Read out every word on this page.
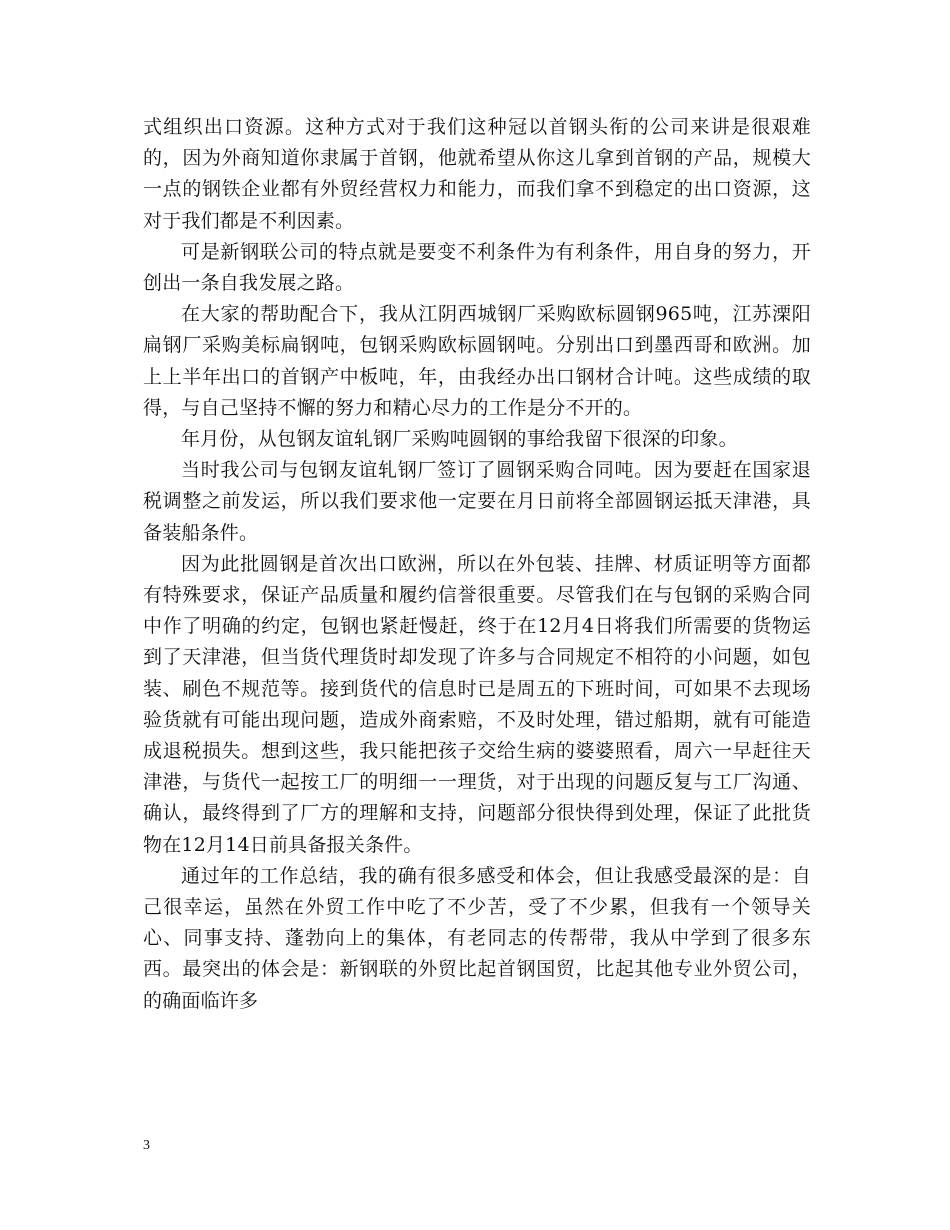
式组织出口资源。这种方式对于我们这种冠以首钢头衔的公司来讲是很艰难的，因为外商知道你隶属于首钢，他就希望从你这儿拿到首钢的产品，规模大一点的钢铁企业都有外贸经营权力和能力，而我们拿不到稳定的出口资源，这对于我们都是不利因素。

可是新钢联公司的特点就是要变不利条件为有利条件，用自身的努力，开创出一条自我发展之路。

在大家的帮助配合下，我从江阴西城钢厂采购欧标圆钢965吨，江苏溧阳扁钢厂采购美标扁钢吨，包钢采购欧标圆钢吨。分别出口到墨西哥和欧洲。加上上半年出口的首钢产中板吨，年，由我经办出口钢材合计吨。这些成绩的取得，与自己坚持不懈的努力和精心尽力的工作是分不开的。

年月份，从包钢友谊轧钢厂采购吨圆钢的事给我留下很深的印象。

当时我公司与包钢友谊轧钢厂签订了圆钢采购合同吨。因为要赶在国家退税调整之前发运，所以我们要求他一定要在月日前将全部圆钢运抵天津港，具备装船条件。

因为此批圆钢是首次出口欧洲，所以在外包装、挂牌、材质证明等方面都有特殊要求，保证产品质量和履约信誉很重要。尽管我们在与包钢的采购合同中作了明确的约定，包钢也紧赶慢赶，终于在12月4日将我们所需要的货物运到了天津港，但当货代理货时却发现了许多与合同规定不相符的小问题，如包装、刷色不规范等。接到货代的信息时已是周五的下班时间，可如果不去现场验货就有可能出现问题，造成外商索赔，不及时处理，错过船期，就有可能造成退税损失。想到这些，我只能把孩子交给生病的婆婆照看，周六一早赶往天津港，与货代一起按工厂的明细一一理货，对于出现的问题反复与工厂沟通、确认，最终得到了厂方的理解和支持，问题部分很快得到处理，保证了此批货物在12月14日前具备报关条件。

通过年的工作总结，我的确有很多感受和体会，但让我感受最深的是：自己很幸运，虽然在外贸工作中吃了不少苦，受了不少累，但我有一个领导关心、同事支持、蓬勃向上的集体，有老同志的传帮带，我从中学到了很多东西。最突出的体会是：新钢联的外贸比起首钢国贸，比起其他专业外贸公司，的确面临许多

3
